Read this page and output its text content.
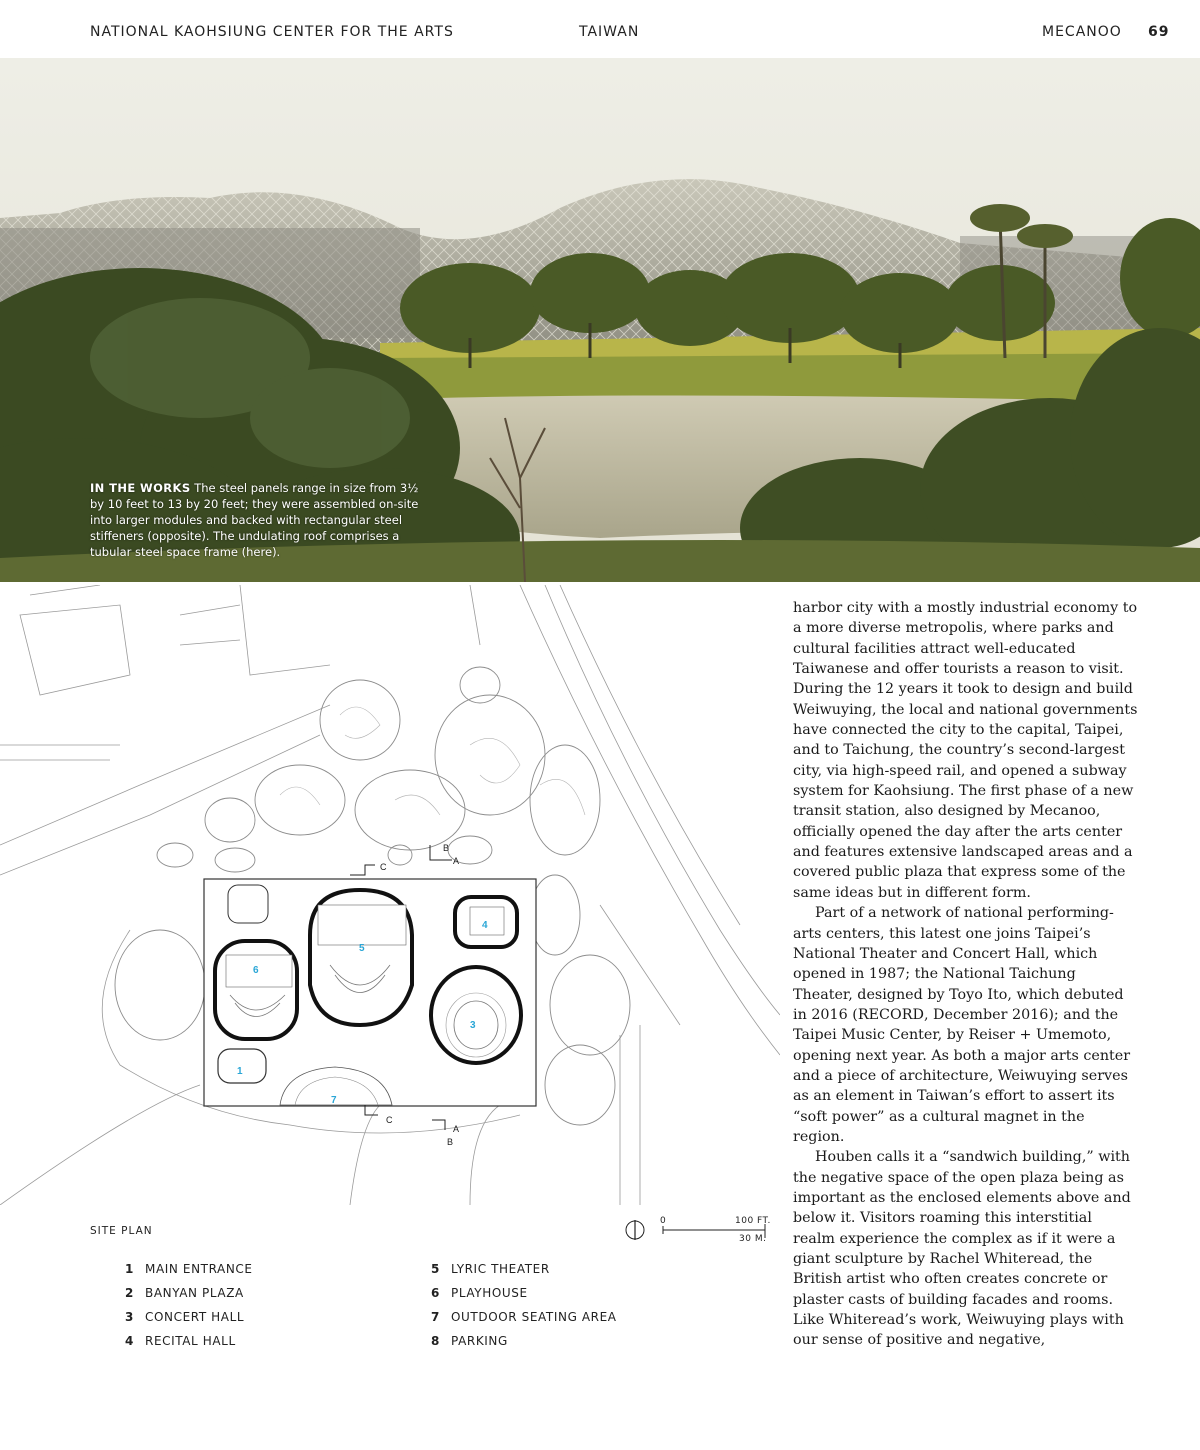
NATIONAL KAOHSIUNG CENTER FOR THE ARTS	TAIWAN	MECANOO 69
IN THE WORKS The steel panels range in size from 3½ by 10 feet to 13 by 20 feet; they were assembled on-site into larger modules and backed with rectangular steel stiffeners (opposite). The undulating roof comprises a tubular steel space frame (here).
C
B
A
C
A
B
6
5
4
3
1
7
SITE PLAN
0	100 FT.
30 M.
1 MAIN ENTRANCE
2 BANYAN PLAZA
3 CONCERT HALL
4 RECITAL HALL
5 LYRIC THEATER
6 PLAYHOUSE
7 OUTDOOR SEATING AREA
8 PARKING

harbor city with a mostly industrial economy to a more diverse metropolis, where parks and cultural facilities attract well-educated Taiwanese and offer tourists a reason to visit. During the 12 years it took to design and build Weiwuying, the local and national governments have connected the city to the capital, Taipei, and to Taichung, the country’s second-largest city, via high-speed rail, and opened a subway system for Kaohsiung. The first phase of a new transit station, also designed by Mecanoo, officially opened the day after the arts center and features extensive landscaped areas and a covered public plaza that express some of the same ideas but in different form.

Part of a network of national performing-arts centers, this latest one joins Taipei’s National Theater and Concert Hall, which opened in 1987; the National Taichung Theater, designed by Toyo Ito, which debuted in 2016 (RECORD, December 2016); and the Taipei Music Center, by Reiser + Umemoto, opening next year. As both a major arts center and a piece of architecture, Weiwuying serves as an element in Taiwan’s effort to assert its “soft power” as a cultural magnet in the region.

Houben calls it a “sandwich building,” with the negative space of the open plaza being as important as the enclosed elements above and below it. Visitors roaming this interstitial realm experience the complex as if it were a giant sculpture by Rachel Whiteread, the British artist who often creates concrete or plaster casts of building facades and rooms. Like Whiteread’s work, Weiwuying plays with our sense of positive and negative,
